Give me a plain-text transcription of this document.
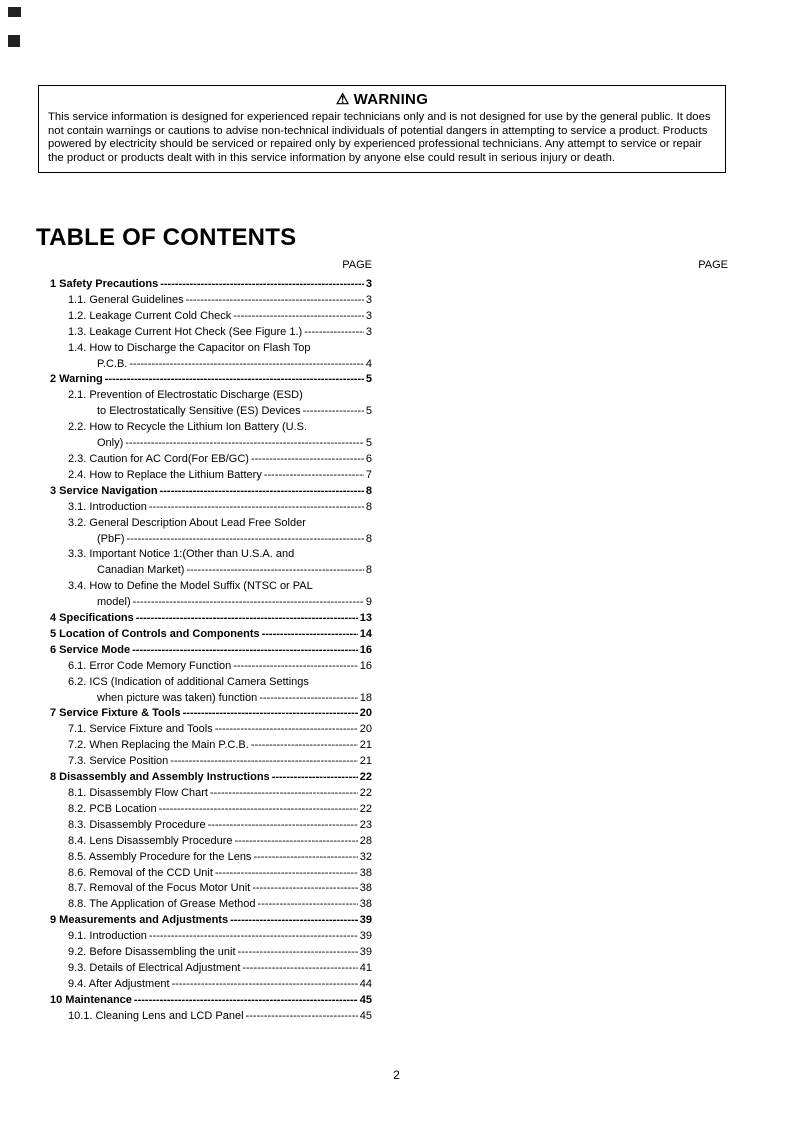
⚠ WARNING
This service information is designed for experienced repair technicians only and is not designed for use by the general public. It does not contain warnings or cautions to advise non-technical individuals of potential dangers in attempting to service a product. Products powered by electricity should be serviced or repaired only by experienced professional technicians. Any attempt to service or repair the product or products dealt with in this service information by anyone else could result in serious injury or death.
TABLE OF CONTENTS
PAGE	PAGE
1 Safety Precautions -----	3
1.1. General Guidelines -----	3
1.2. Leakage Current Cold Check -----	3
1.3. Leakage Current Hot Check (See Figure 1.) -----	3
1.4. How to Discharge the Capacitor on Flash Top
P.C.B. -----	4
2 Warning -----	5
2.1. Prevention of Electrostatic Discharge (ESD)
to Electrostatically Sensitive (ES) Devices -----	5
2.2. How to Recycle the Lithium Ion Battery (U.S.
Only) -----	5
2.3. Caution for AC Cord(For EB/GC) -----	6
2.4. How to Replace the Lithium Battery -----	7
3 Service Navigation -----	8
3.1. Introduction -----	8
3.2. General Description About Lead Free Solder
(PbF) -----	8
3.3. Important Notice 1:(Other than U.S.A. and
Canadian Market) -----	8
3.4. How to Define the Model Suffix (NTSC or PAL
model) -----	9
4 Specifications -----	13
5 Location of Controls and Components -----	14
6 Service Mode -----	16
6.1. Error Code Memory Function -----	16
6.2. ICS (Indication of additional Camera Settings
when picture was taken) function -----	18
7 Service Fixture & Tools -----	20
7.1. Service Fixture and Tools -----	20
7.2. When Replacing the Main P.C.B. -----	21
7.3. Service Position -----	21
8 Disassembly and Assembly Instructions -----	22
8.1. Disassembly Flow Chart -----	22
8.2. PCB Location -----	22
8.3. Disassembly Procedure -----	23
8.4. Lens Disassembly Procedure -----	28
8.5. Assembly Procedure for the Lens -----	32
8.6. Removal of the CCD Unit -----	38
8.7. Removal of the Focus Motor Unit -----	38
8.8. The Application of Grease Method -----	38
9 Measurements and Adjustments -----	39
9.1. Introduction -----	39
9.2. Before Disassembling the unit -----	39
9.3. Details of Electrical Adjustment -----	41
9.4. After Adjustment -----	44
10 Maintenance -----	45
10.1. Cleaning Lens and LCD Panel -----	45
2
